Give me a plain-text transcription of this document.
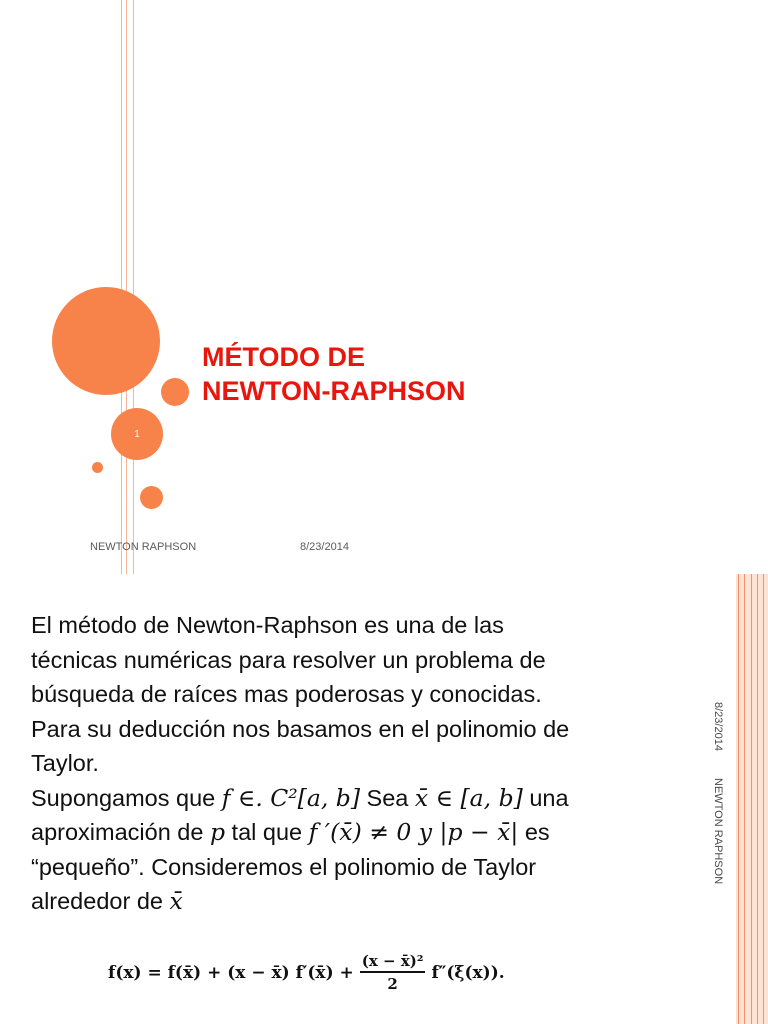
1
MÉTODO DE
NEWTON-RAPHSON
NEWTON RAPHSON	8/23/2014

El método de Newton-Raphson es una de las

técnicas numéricas para resolver un problema de

búsqueda de raíces mas poderosas y conocidas.

Para su deducción nos basamos en el polinomio de

Taylor.

Supongamos que f ∈. C²[a, b] Sea x̄ ∈ [a, b] una

aproximación de p tal que f ′(x̄) ≠ 0 y |p − x̄| es

“pequeño”. Consideremos el polinomio de Taylor

alrededor de x̄

8/23/2014
NEWTON RAPHSON
f(x) = f(x̄) + (x − x̄) f′(x̄) + $\frac{\text{(x − x̄)²}}{2} f''(\xi(x))$.
